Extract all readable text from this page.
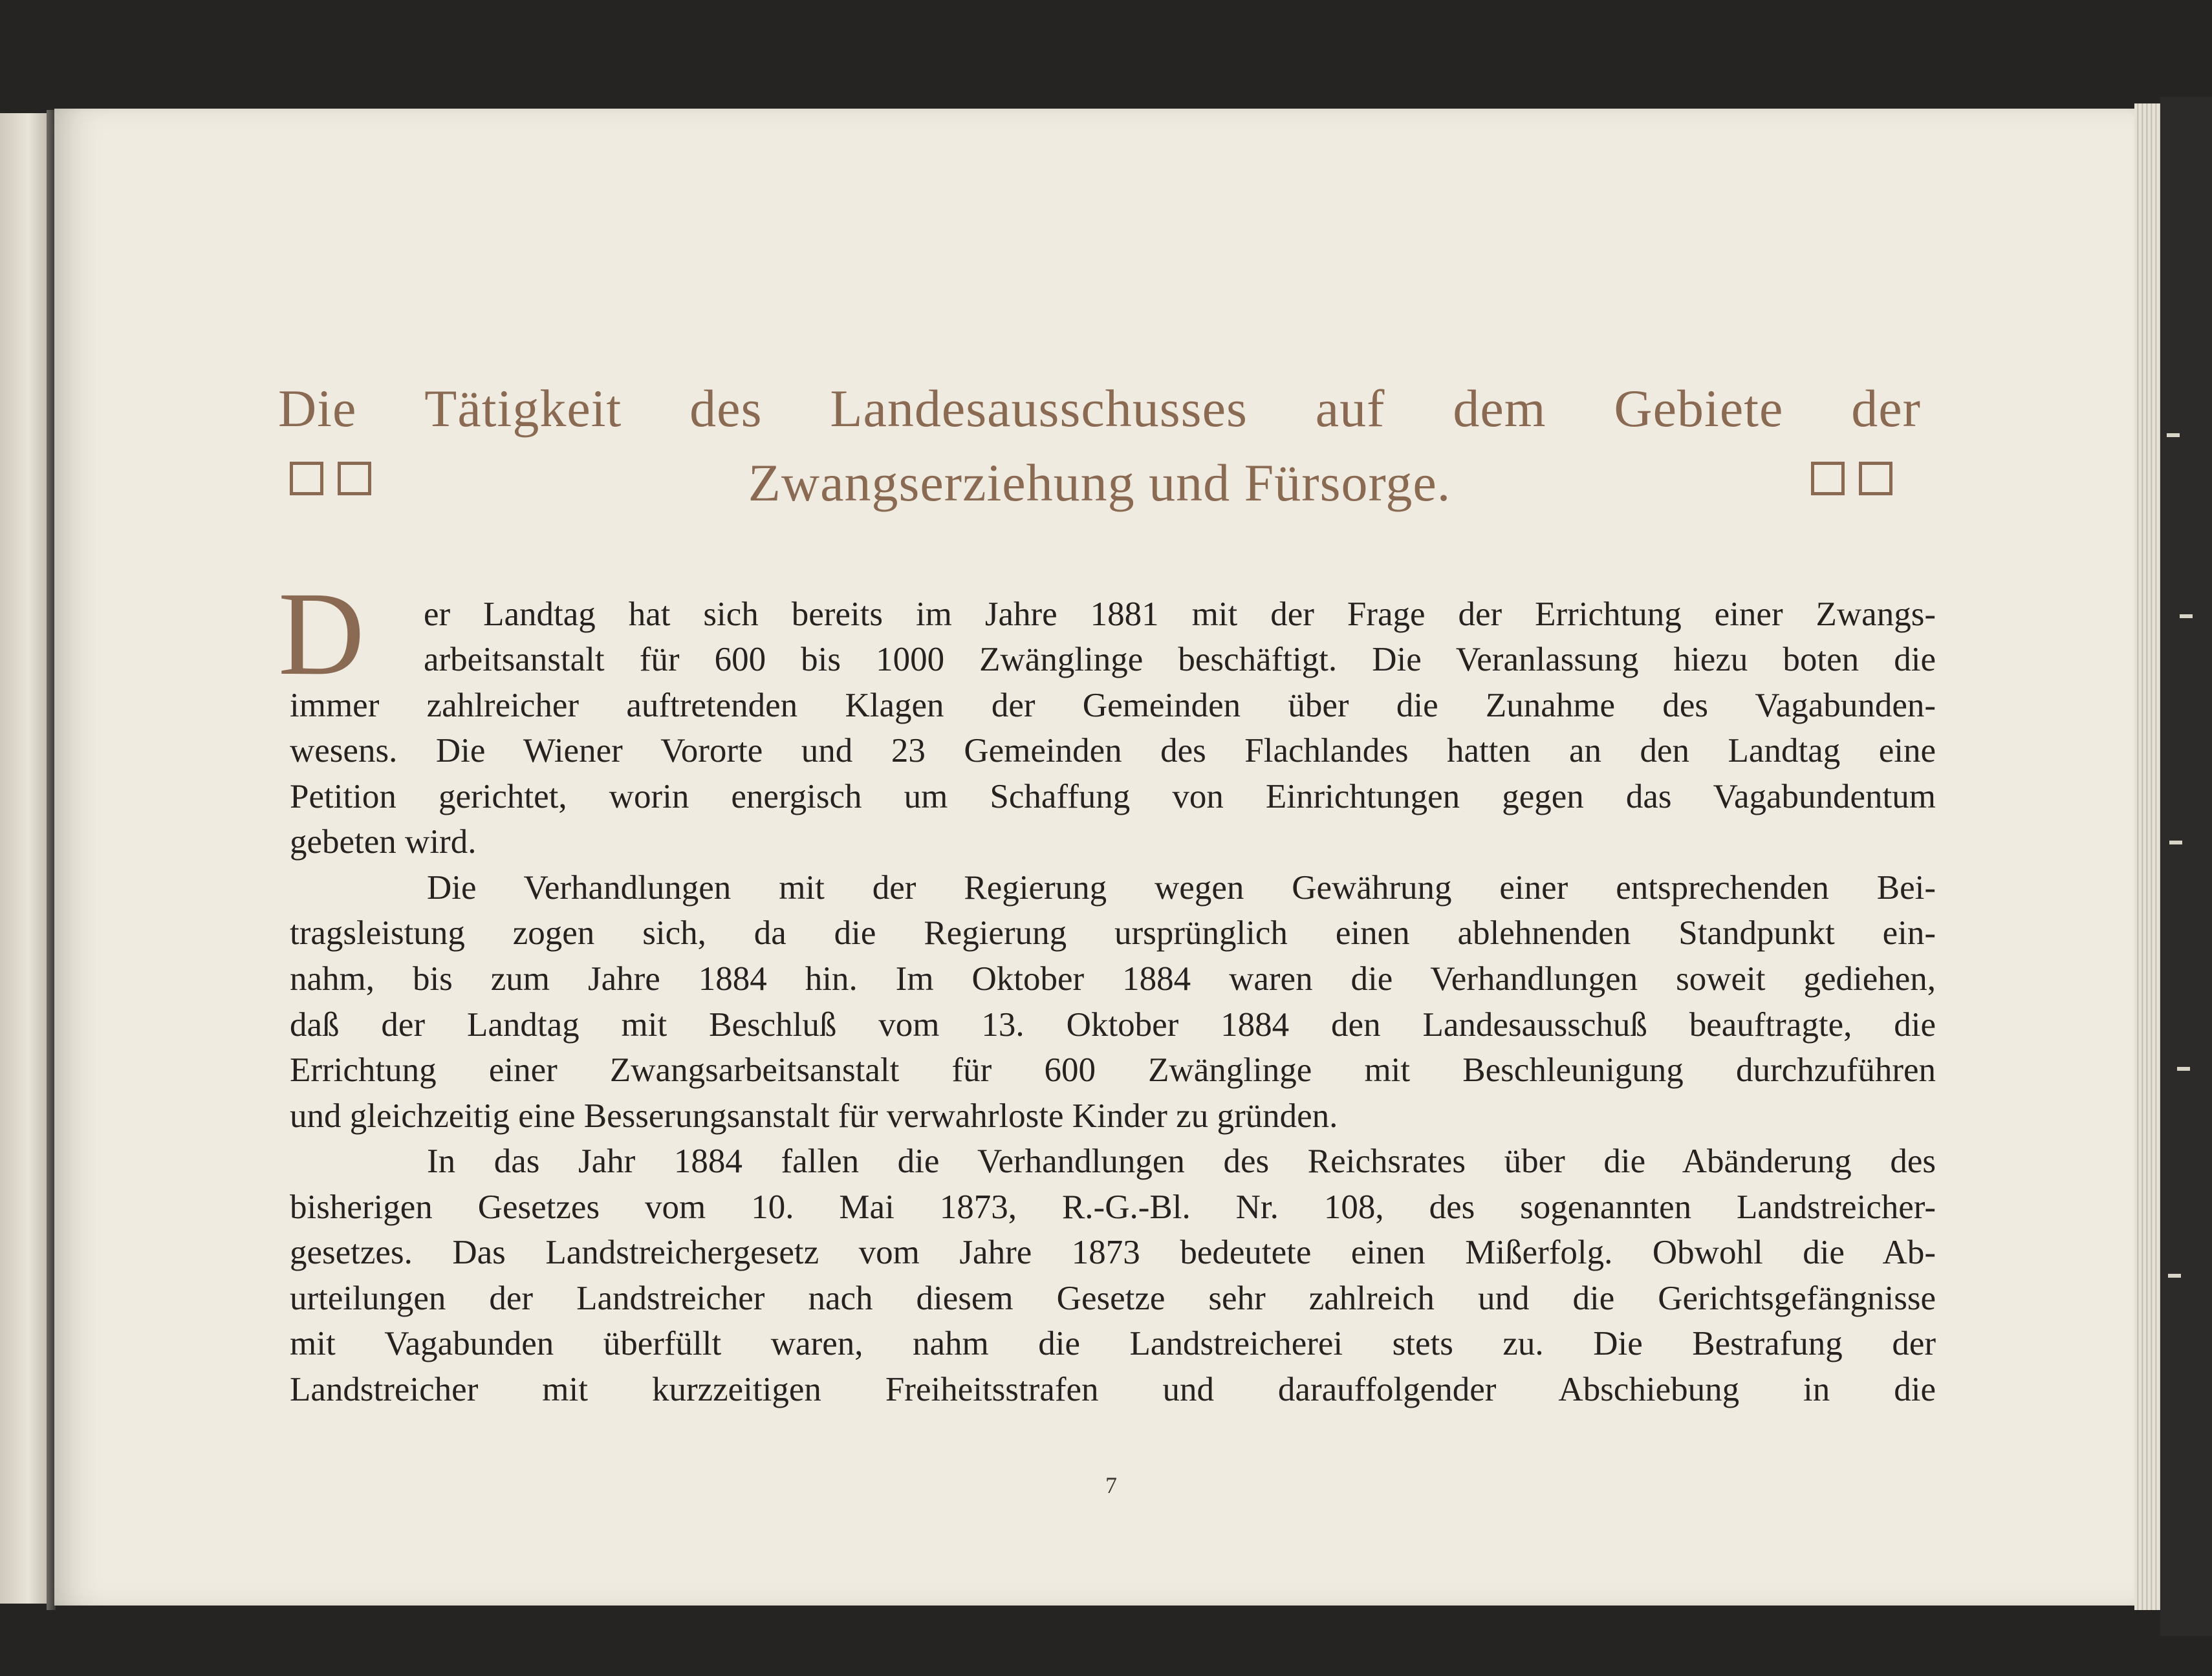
Die Tätigkeit des Landesausschusses auf dem Gebiete der
Zwangserziehung und Fürsorge.
D er Landtag hat sich bereits im Jahre 1881 mit der Frage der Errichtung einer Zwangs-
arbeitsanstalt für 600 bis 1000 Zwänglinge beschäftigt. Die Veranlassung hiezu boten die
immer zahlreicher auftretenden Klagen der Gemeinden über die Zunahme des Vagabunden-
wesens. Die Wiener Vororte und 23 Gemeinden des Flachlandes hatten an den Landtag eine
Petition gerichtet, worin energisch um Schaffung von Einrichtungen gegen das Vagabundentum
gebeten wird.
Die Verhandlungen mit der Regierung wegen Gewährung einer entsprechenden Bei-
tragsleistung zogen sich, da die Regierung ursprünglich einen ablehnenden Standpunkt ein-
nahm, bis zum Jahre 1884 hin. Im Oktober 1884 waren die Verhandlungen soweit gediehen,
daß der Landtag mit Beschluß vom 13. Oktober 1884 den Landesausschuß beauftragte, die
Errichtung einer Zwangsarbeitsanstalt für 600 Zwänglinge mit Beschleunigung durchzuführen
und gleichzeitig eine Besserungsanstalt für verwahrloste Kinder zu gründen.
In das Jahr 1884 fallen die Verhandlungen des Reichsrates über die Abänderung des
bisherigen Gesetzes vom 10. Mai 1873, R.-G.-Bl. Nr. 108, des sogenannten Landstreicher-
gesetzes. Das Landstreichergesetz vom Jahre 1873 bedeutete einen Mißerfolg. Obwohl die Ab-
urteilungen der Landstreicher nach diesem Gesetze sehr zahlreich und die Gerichtsgefängnisse
mit Vagabunden überfüllt waren, nahm die Landstreicherei stets zu. Die Bestrafung der
Landstreicher mit kurzzeitigen Freiheitsstrafen und darauffolgender Abschiebung in die
7
